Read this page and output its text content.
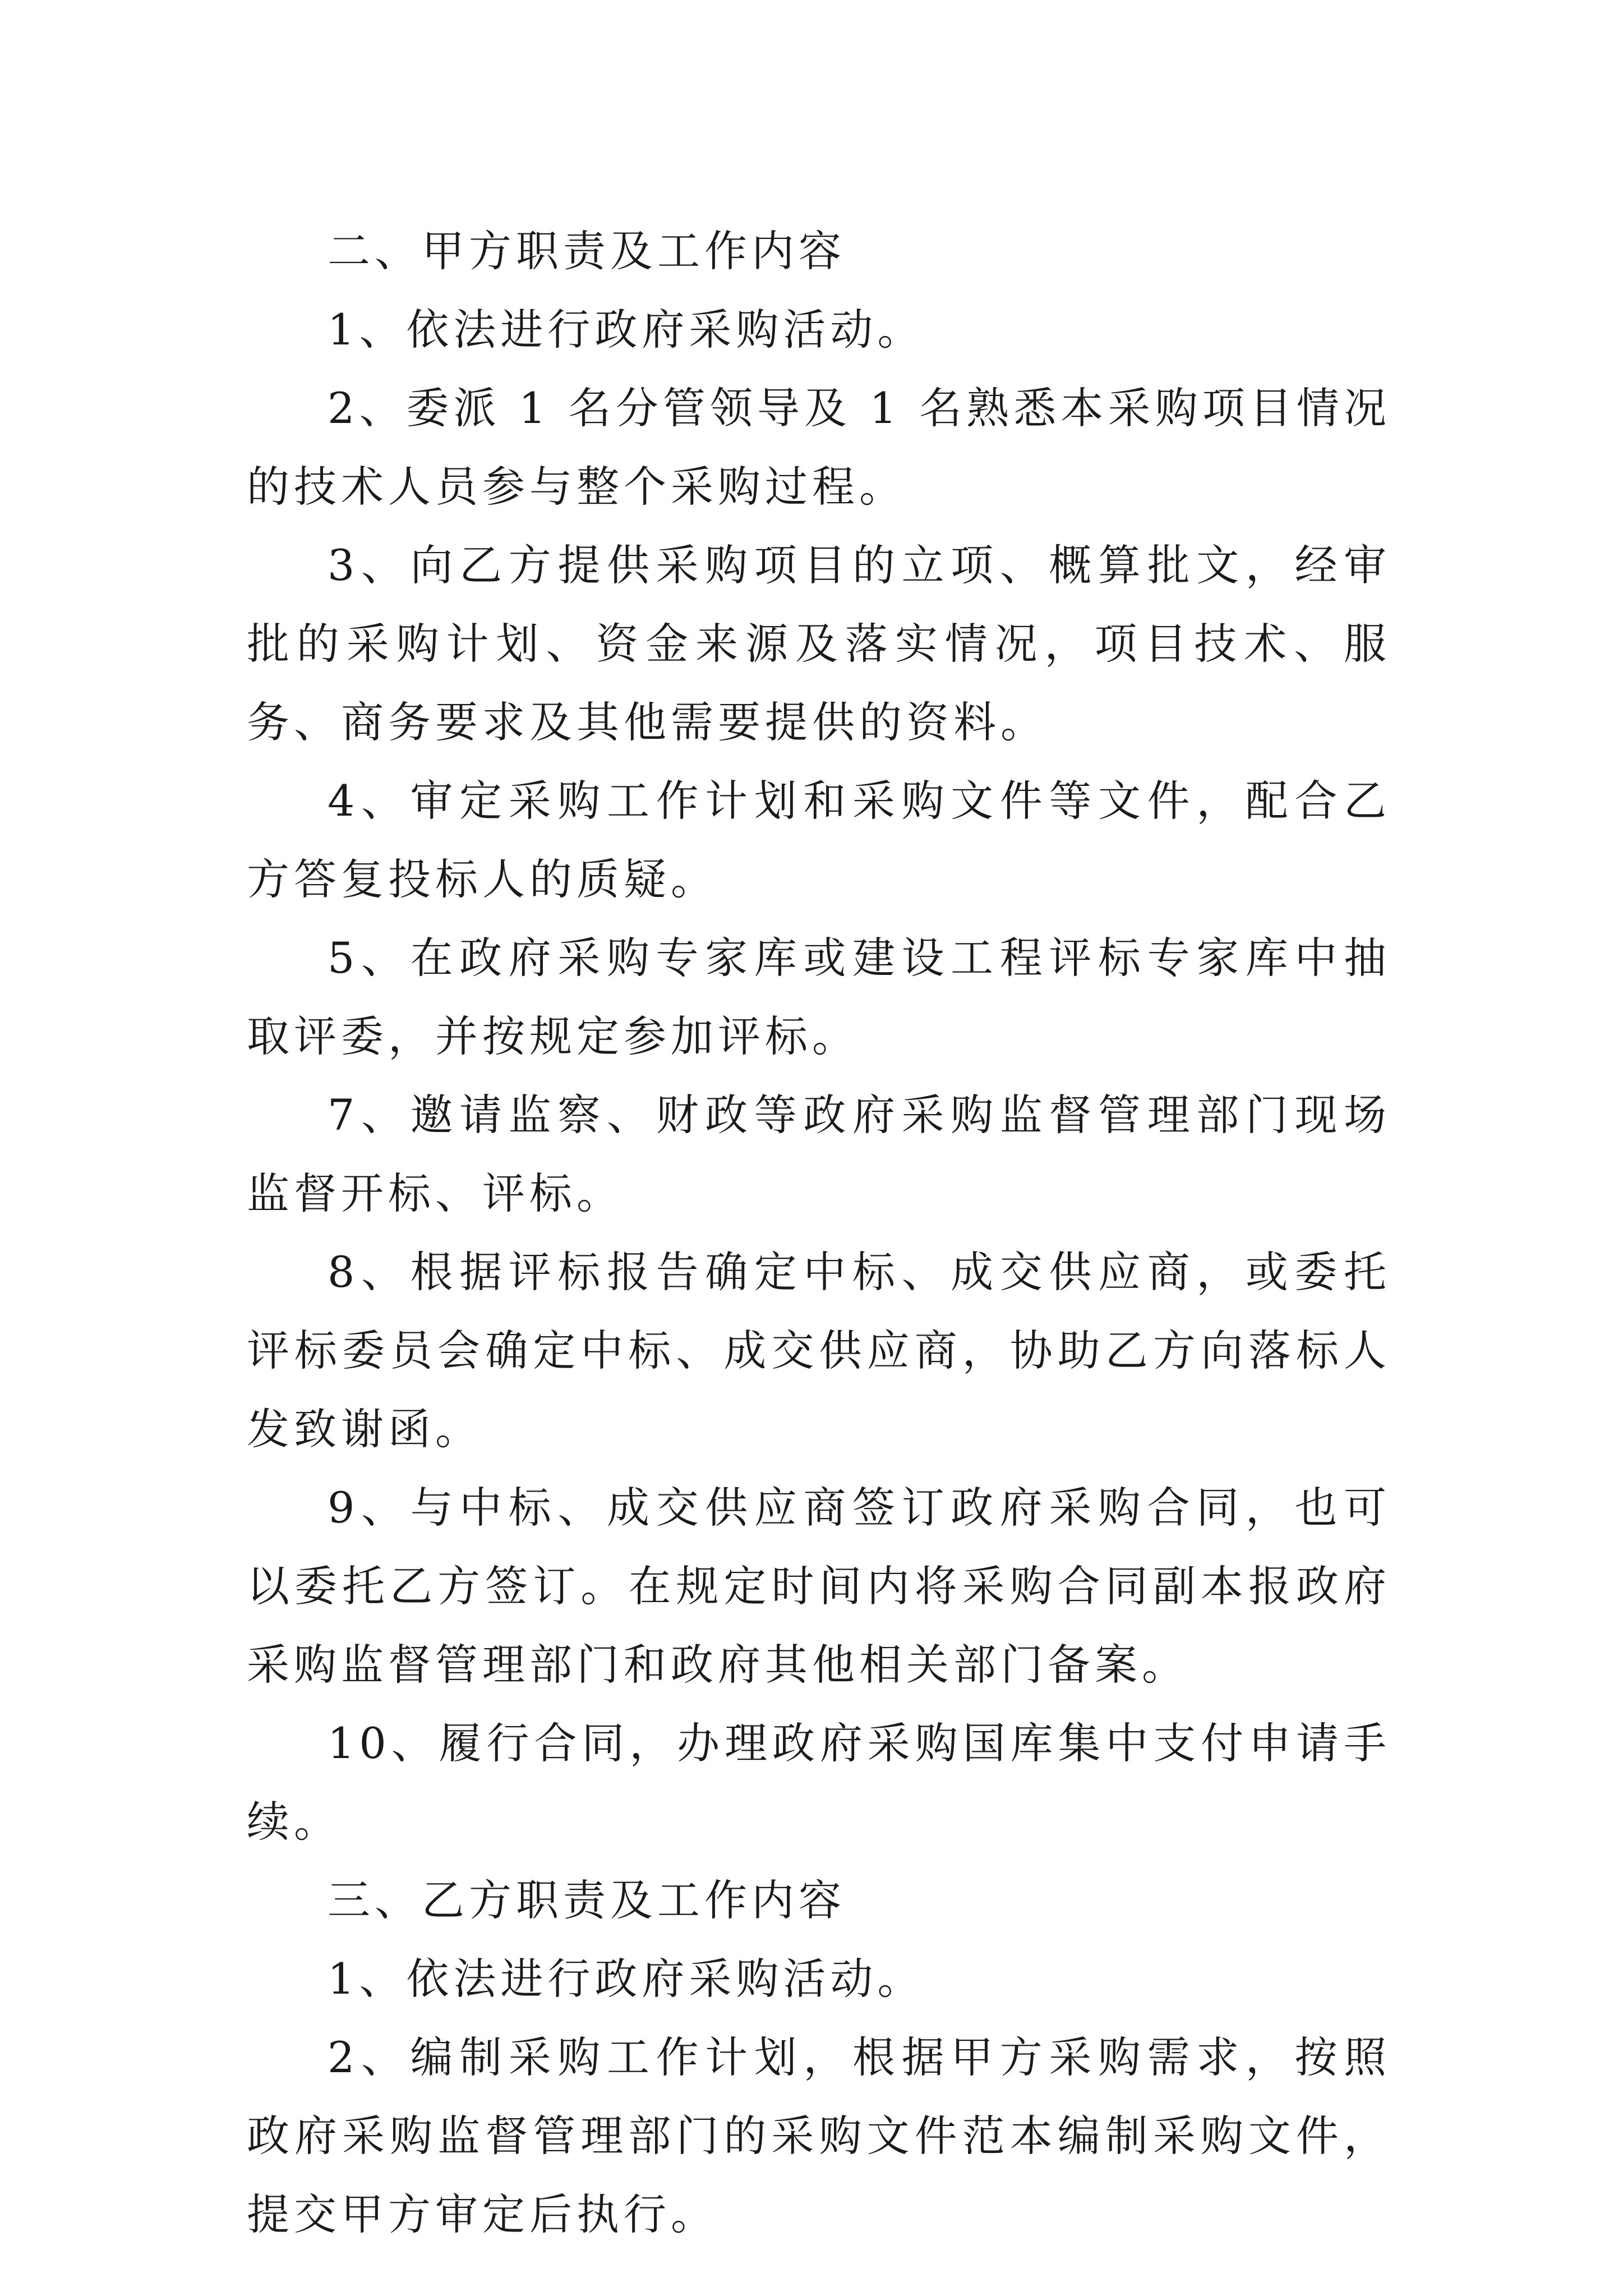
二、甲方职责及工作内容

1、依法进行政府采购活动。

2、委派 1 名分管领导及 1 名熟悉本采购项目情况的技术人员参与整个采购过程。

3、向乙方提供采购项目的立项、概算批文，经审批的采购计划、资金来源及落实情况，项目技术、服务、商务要求及其他需要提供的资料。

4、审定采购工作计划和采购文件等文件，配合乙方答复投标人的质疑。

5、在政府采购专家库或建设工程评标专家库中抽取评委，并按规定参加评标。

7、邀请监察、财政等政府采购监督管理部门现场监督开标、评标。

8、根据评标报告确定中标、成交供应商，或委托评标委员会确定中标、成交供应商，协助乙方向落标人发致谢函。

9、与中标、成交供应商签订政府采购合同，也可以委托乙方签订。在规定时间内将采购合同副本报政府采购监督管理部门和政府其他相关部门备案。

10、履行合同，办理政府采购国库集中支付申请手续。

三、乙方职责及工作内容

1、依法进行政府采购活动。

2、编制采购工作计划，根据甲方采购需求，按照政府采购监督管理部门的采购文件范本编制采购文件，提交甲方审定后执行。
